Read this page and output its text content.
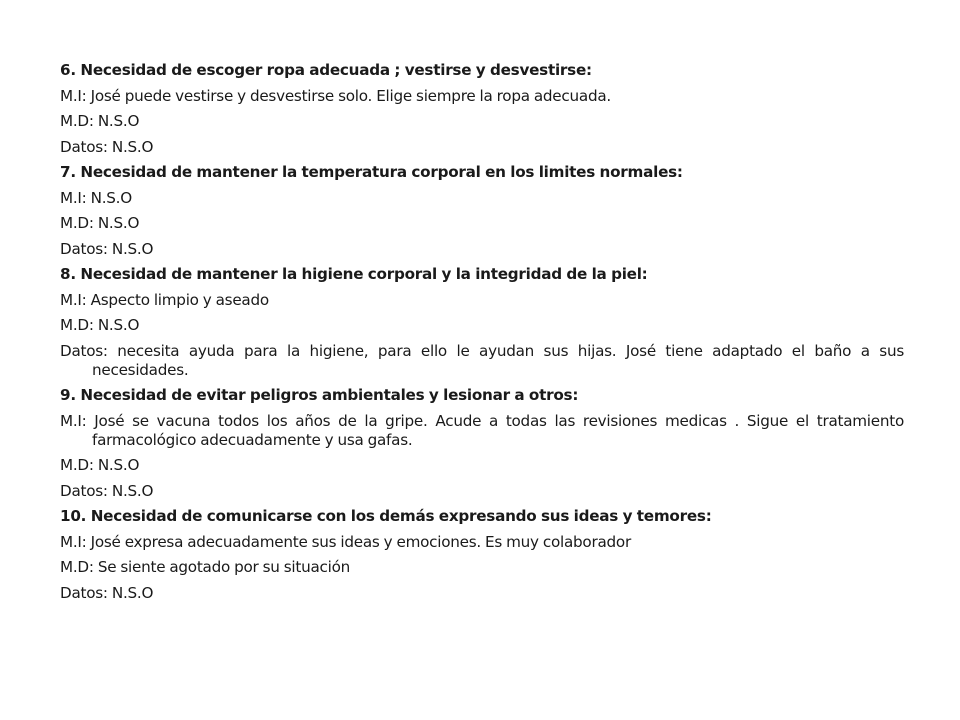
6. Necesidad de escoger ropa adecuada ; vestirse y desvestirse:
M.I: José puede vestirse y desvestirse solo. Elige siempre la ropa adecuada.
M.D: N.S.O
Datos: N.S.O
7. Necesidad de mantener la temperatura corporal en los limites normales:
M.I: N.S.O
M.D: N.S.O
Datos: N.S.O
8. Necesidad de mantener la higiene corporal y la integridad de la piel:
M.I: Aspecto limpio y aseado
M.D: N.S.O
Datos: necesita ayuda para la higiene, para ello le ayudan sus hijas. José tiene adaptado el baño a sus necesidades.
9. Necesidad de evitar peligros ambientales y lesionar a otros:
M.I: José se vacuna todos los años de la gripe. Acude a todas las revisiones medicas . Sigue el tratamiento farmacológico adecuadamente y usa gafas.
M.D: N.S.O
Datos: N.S.O
10. Necesidad de comunicarse con los demás expresando sus ideas y temores:
M.I: José expresa adecuadamente sus ideas y emociones. Es muy colaborador
M.D: Se siente agotado por su situación
Datos: N.S.O
